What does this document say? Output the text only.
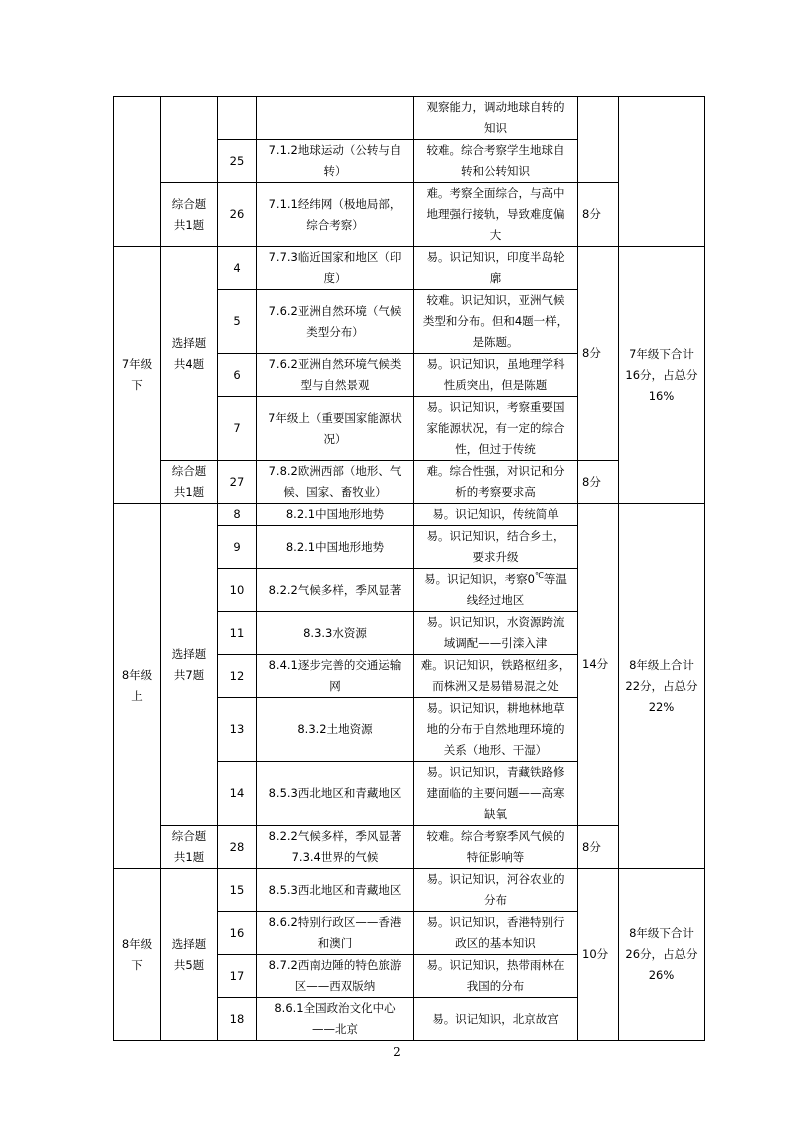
				观察能力，调动地球自转的
知识		
		25	7.1.2地球运动（公转与自
转）	较难。综合考察学生地球自
转和公转知识		
	综合题
共1题	26	7.1.1经纬网（极地局部，
综合考察）	难。考察全面综合，与高中
地理强行接轨，导致难度偏
大	8分	
7年级
下	选择题
共4题	4	7.7.3临近国家和地区（印
度）	易。识记知识，印度半岛轮
廓	8分	7年级下合计
16分，占总分
16%
		5	7.6.2亚洲自然环境（气候
类型分布）	较难。识记知识，亚洲气候
类型和分布。但和4题一样，
是陈题。		
		6	7.6.2亚洲自然环境气候类
型与自然景观	易。识记知识，虽地理学科
性质突出，但是陈题		
		7	7年级上（重要国家能源状
况）	易。识记知识，考察重要国
家能源状况，有一定的综合
性，但过于传统		
	综合题
共1题	27	7.8.2欧洲西部（地形、气
候、国家、畜牧业）	难。综合性强，对识记和分
析的考察要求高	8分	
8年级
上	选择题
共7题	8	8.2.1中国地形地势	易。识记知识，传统简单	14分	8年级上合计
22分，占总分
22%
		9	8.2.1中国地形地势	易。识记知识，结合乡土，
要求升级		
		10	8.2.2气候多样，季风显著	易。识记知识，考察0℃等温
线经过地区		
		11	8.3.3水资源	易。识记知识，水资源跨流
域调配——引滦入津		
		12	8.4.1逐步完善的交通运输
网	难。识记知识，铁路枢纽多，
而株洲又是易错易混之处		
		13	8.3.2土地资源	易。识记知识，耕地林地草
地的分布于自然地理环境的
关系（地形、干湿）		
		14	8.5.3西北地区和青藏地区	易。识记知识，青藏铁路修
建面临的主要问题——高寒
缺氧		
	综合题
共1题	28	8.2.2气候多样，季风显著
7.3.4世界的气候	较难。综合考察季风气候的
特征影响等	8分	
8年级
下	选择题
共5题	15	8.5.3西北地区和青藏地区	易。识记知识，河谷农业的
分布	10分	8年级下合计
26分，占总分
26%
		16	8.6.2特别行政区——香港
和澳门	易。识记知识，香港特别行
政区的基本知识		
		17	8.7.2西南边陲的特色旅游
区——西双版纳	易。识记知识，热带雨林在
我国的分布		
		18	8.6.1全国政治文化中心
——北京	易。识记知识，北京故宫		
2
